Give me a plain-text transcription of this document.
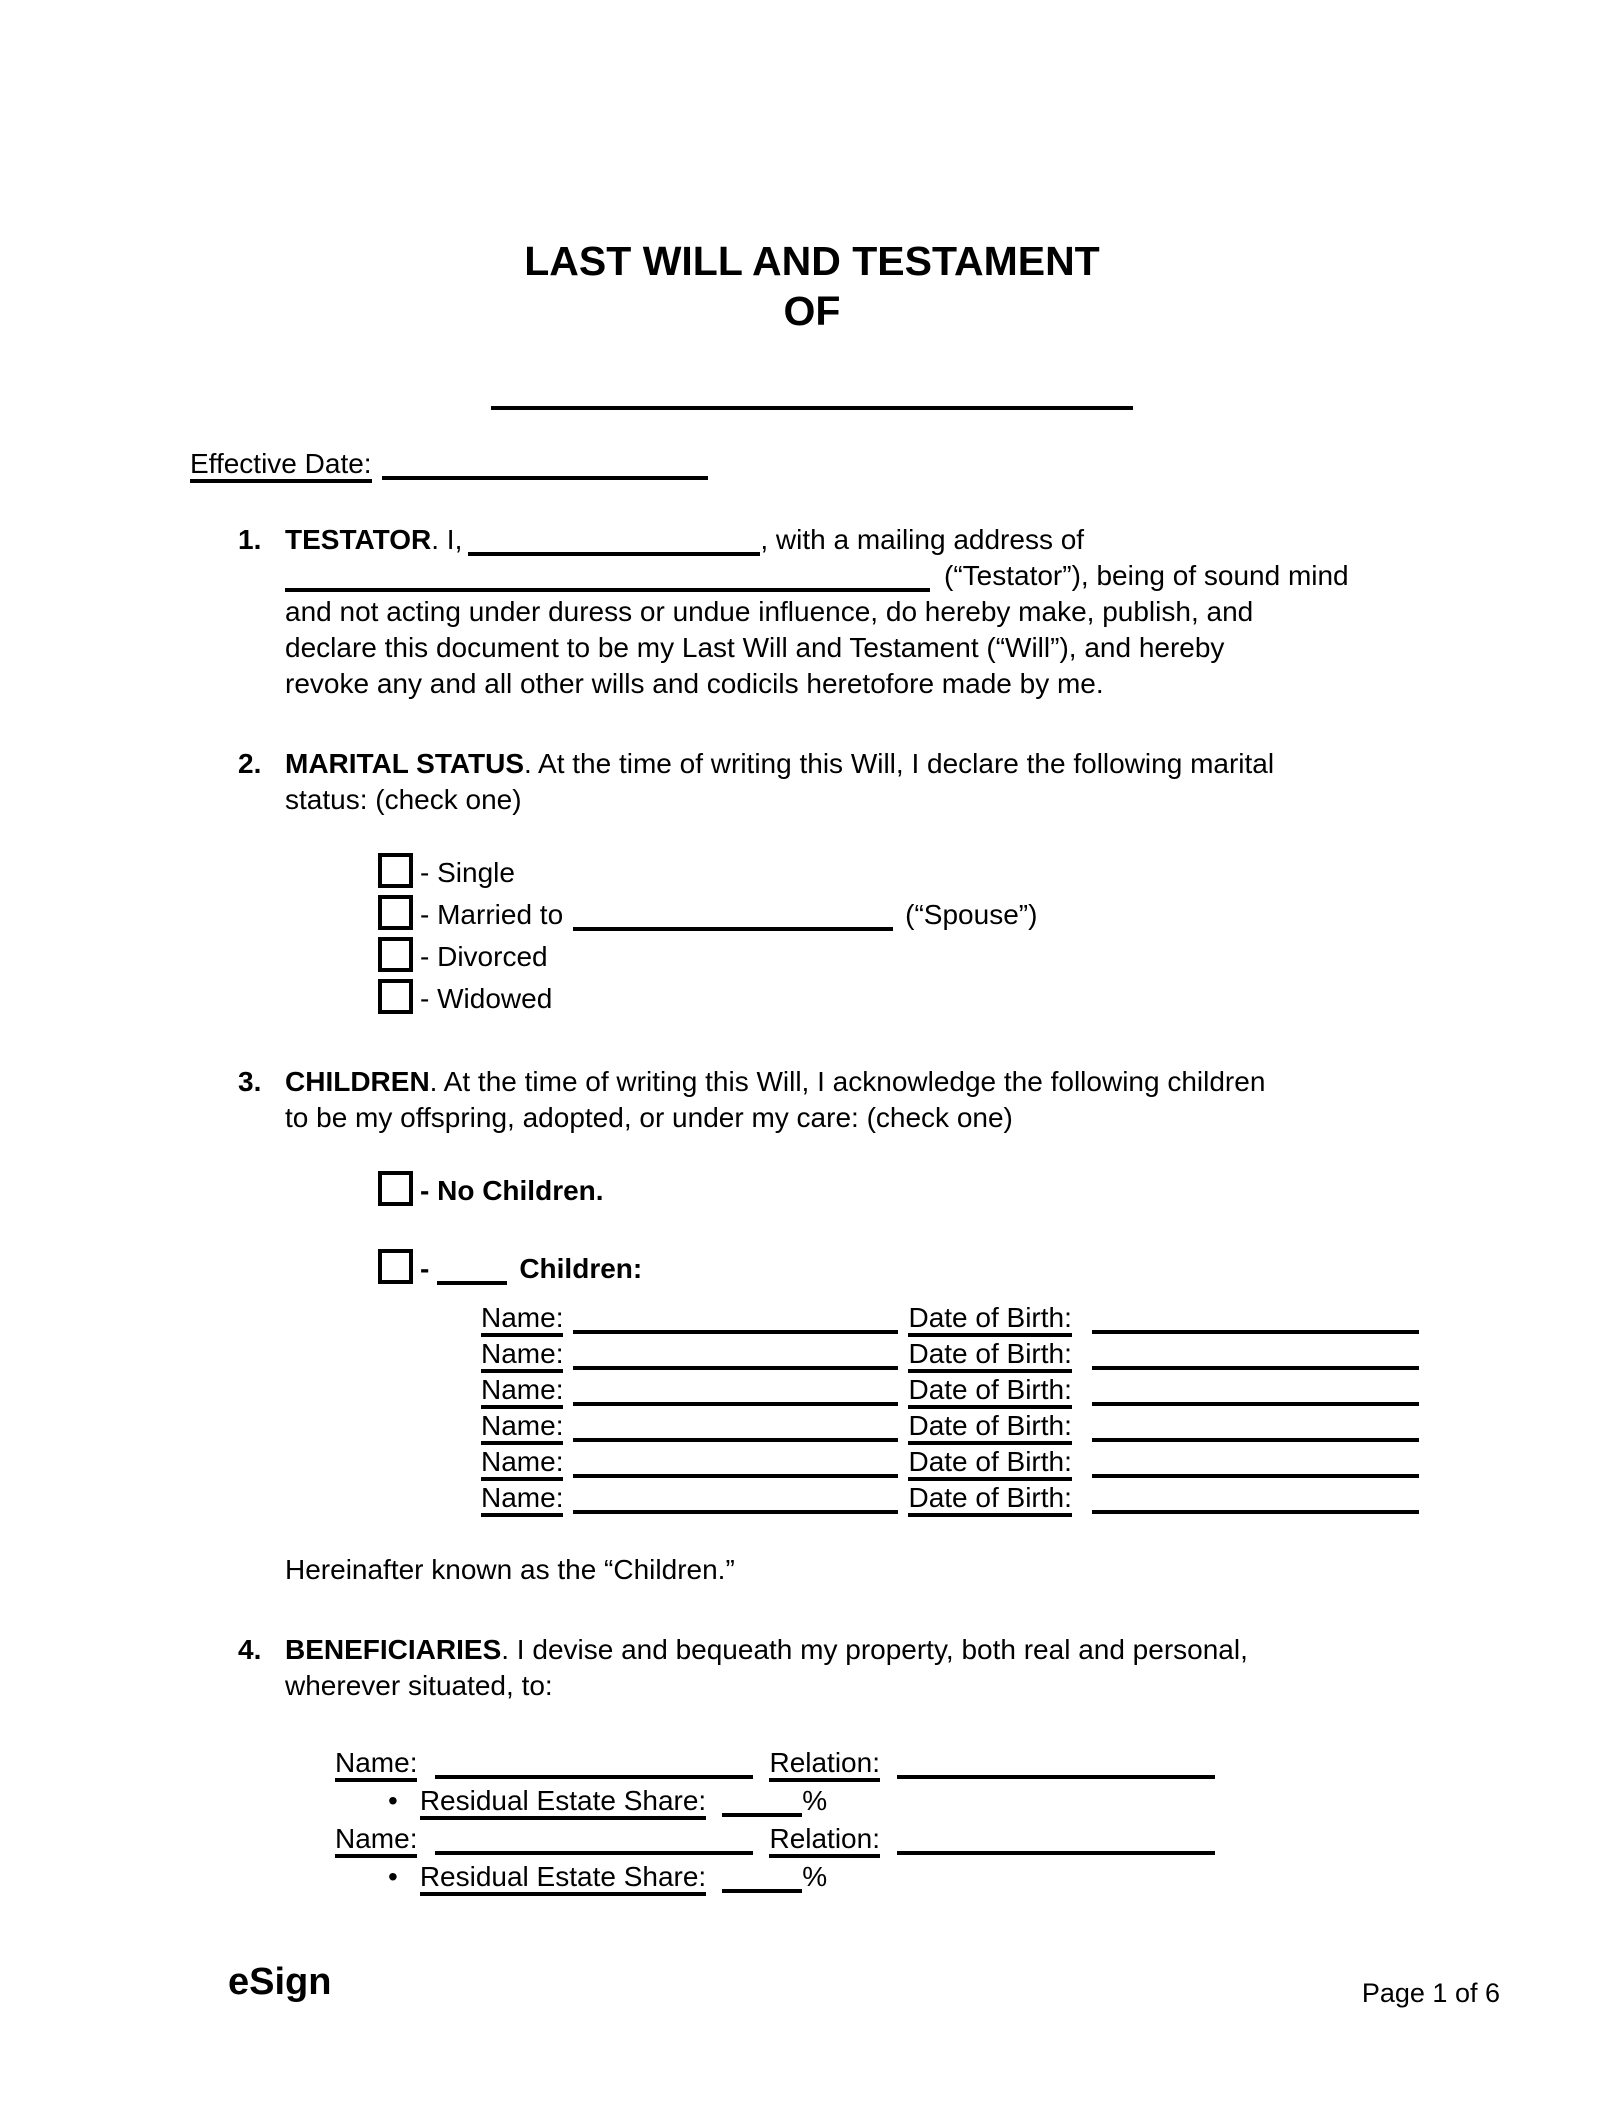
LAST WILL AND TESTAMENT
OF
Effective Date:
1. TESTATOR. I,	, with a mailing address of
(“Testator”), being of sound mind
and not acting under duress or undue influence, do hereby make, publish, and
declare this document to be my Last Will and Testament (“Will”), and hereby
revoke any and all other wills and codicils heretofore made by me.
2. MARITAL STATUS. At the time of writing this Will, I declare the following marital
status: (check one)
- Single
- Married to	(“Spouse”)
- Divorced
- Widowed
3. CHILDREN. At the time of writing this Will, I acknowledge the following children
to be my offspring, adopted, or under my care: (check one)
- No Children.
-	Children:
Name:	Date of Birth:
Name:	Date of Birth:
Name:	Date of Birth:
Name:	Date of Birth:
Name:	Date of Birth:
Name:	Date of Birth:
Hereinafter known as the “Children.”
4. BENEFICIARIES. I devise and bequeath my property, both real and personal,
wherever situated, to:
Name:	Relation:
• Residual Estate Share:	%
Name:	Relation:
• Residual Estate Share:	%
eSign	Page 1 of 6
